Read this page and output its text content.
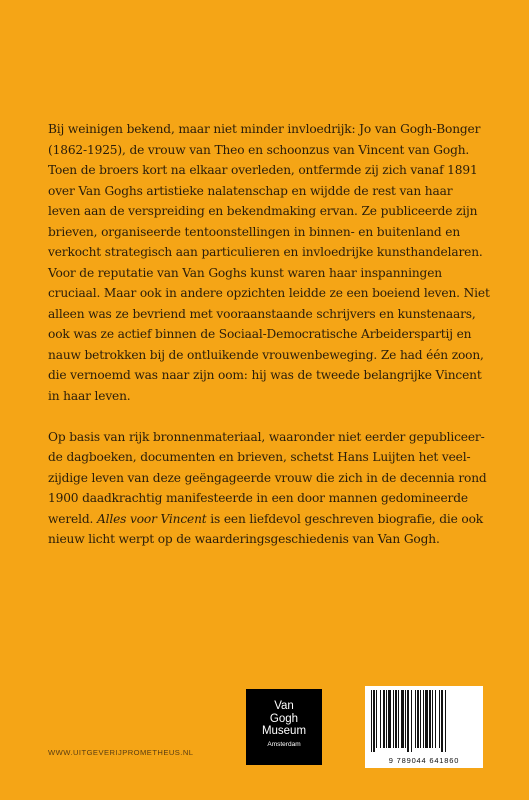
Bij weinigen bekend, maar niet minder invloedrijk: Jo van Gogh-Bonger
(1862-1925), de vrouw van Theo en schoonzus van Vincent van Gogh.
Toen de broers kort na elkaar overleden, ontfermde zij zich vanaf 1891
over Van Goghs artistieke nalatenschap en wijdde de rest van haar
leven aan de verspreiding en bekendmaking ervan. Ze publiceerde zijn
brieven, organiseerde tentoonstellingen in binnen- en buitenland en
verkocht strategisch aan particulieren en invloedrijke kunsthandelaren.
Voor de reputatie van Van Goghs kunst waren haar inspanningen
cruciaal. Maar ook in andere opzichten leidde ze een boeiend leven. Niet
alleen was ze bevriend met vooraanstaande schrijvers en kunstenaars,
ook was ze actief binnen de Sociaal-Democratische Arbeiderspartij en
nauw betrokken bij de ontluikende vrouwenbeweging. Ze had één zoon,
die vernoemd was naar zijn oom: hij was de tweede belangrijke Vincent
in haar leven.

Op basis van rijk bronnenmateriaal, waaronder niet eerder gepubliceer-
de dagboeken, documenten en brieven, schetst Hans Luijten het veel-
zijdige leven van deze geëngageerde vrouw die zich in de decennia rond
1900 daadkrachtig manifesteerde in een door mannen gedomineerde
wereld. Alles voor Vincent is een liefdevol geschreven biografie, die ook
nieuw licht werpt op de waarderingsgeschiedenis van Van Gogh.

Van
Gogh
Museum
Amsterdam
9 789044 641860
WWW.UITGEVERIJPROMETHEUS.NL
